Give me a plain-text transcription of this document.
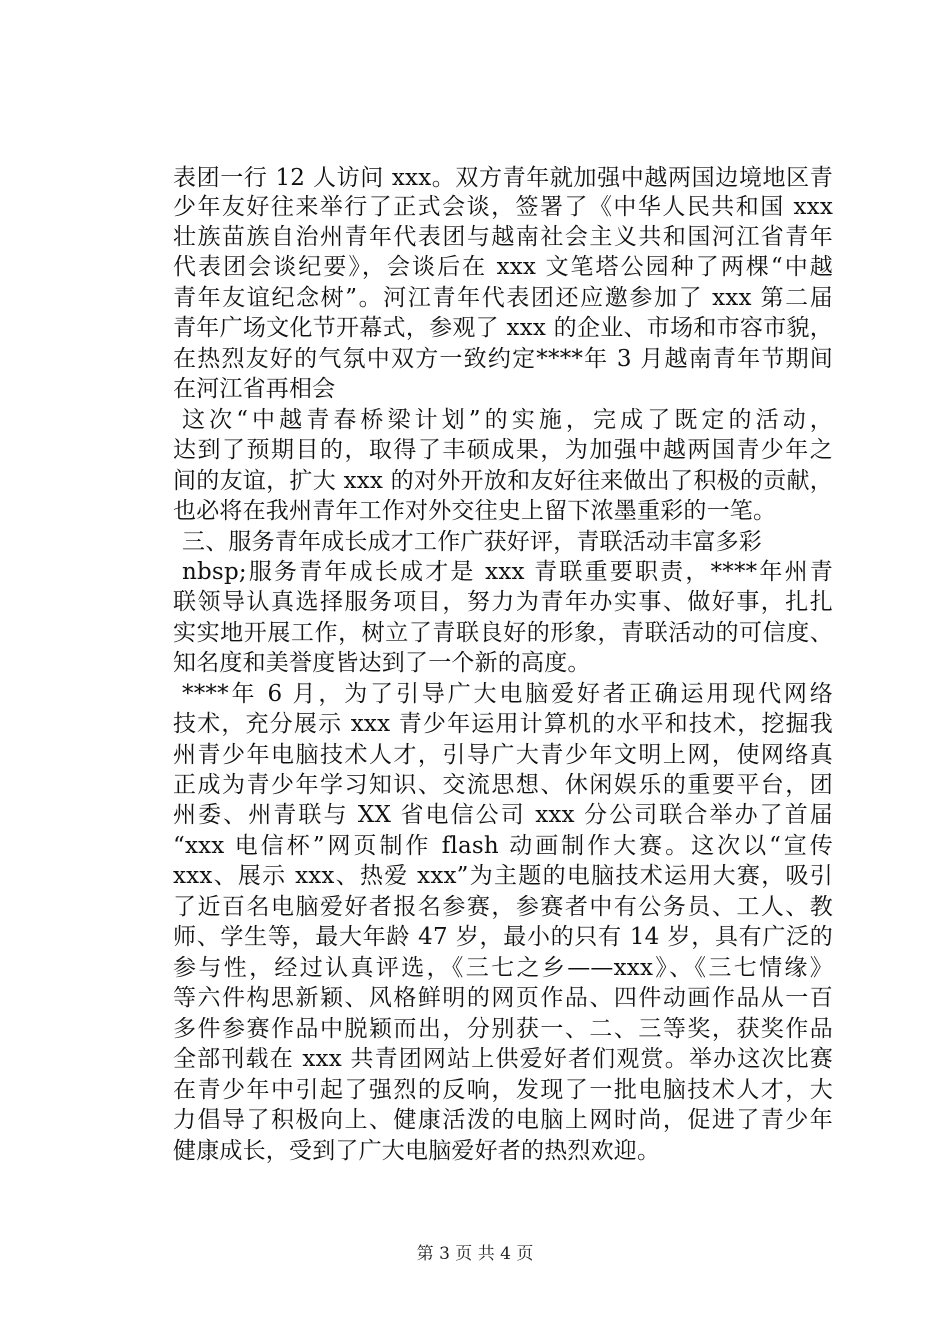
表团一行 12 人访问 xxx。双方青年就加强中越两国边境地区青
少年友好往来举行了正式会谈，签署了《中华人民共和国 xxx
壮族苗族自治州青年代表团与越南社会主义共和国河江省青年
代表团会谈纪要》，会谈后在 xxx 文笔塔公园种了两棵“中越
青年友谊纪念树”。河江青年代表团还应邀参加了 xxx 第二届
青年广场文化节开幕式，参观了 xxx 的企业、市场和市容市貌，
在热烈友好的气氛中双方一致约定****年 3 月越南青年节期间
在河江省再相会
这次“中越青春桥梁计划”的实施，完成了既定的活动，
达到了预期目的，取得了丰硕成果，为加强中越两国青少年之
间的友谊，扩大 xxx 的对外开放和友好往来做出了积极的贡献，
也必将在我州青年工作对外交往史上留下浓墨重彩的一笔。
三、服务青年成长成才工作广获好评，青联活动丰富多彩
nbsp;服务青年成长成才是 xxx 青联重要职责，****年州青
联领导认真选择服务项目，努力为青年办实事、做好事，扎扎
实实地开展工作，树立了青联良好的形象，青联活动的可信度、
知名度和美誉度皆达到了一个新的高度。
****年 6 月，为了引导广大电脑爱好者正确运用现代网络
技术，充分展示 xxx 青少年运用计算机的水平和技术，挖掘我
州青少年电脑技术人才，引导广大青少年文明上网，使网络真
正成为青少年学习知识、交流思想、休闲娱乐的重要平台，团
州委、州青联与 XX 省电信公司 xxx 分公司联合举办了首届
“xxx 电信杯”网页制作 flash 动画制作大赛。这次以“宣传
xxx、展示 xxx、热爱 xxx”为主题的电脑技术运用大赛，吸引
了近百名电脑爱好者报名参赛，参赛者中有公务员、工人、教
师、学生等，最大年龄 47 岁，最小的只有 14 岁，具有广泛的
参与性，经过认真评选，《三七之乡——xxx》、《三七情缘》
等六件构思新颖、风格鲜明的网页作品、四件动画作品从一百
多件参赛作品中脱颖而出，分别获一、二、三等奖，获奖作品
全部刊载在 xxx 共青团网站上供爱好者们观赏。举办这次比赛
在青少年中引起了强烈的反响，发现了一批电脑技术人才，大
力倡导了积极向上、健康活泼的电脑上网时尚，促进了青少年
健康成长，受到了广大电脑爱好者的热烈欢迎。
第 3 页 共 4 页
